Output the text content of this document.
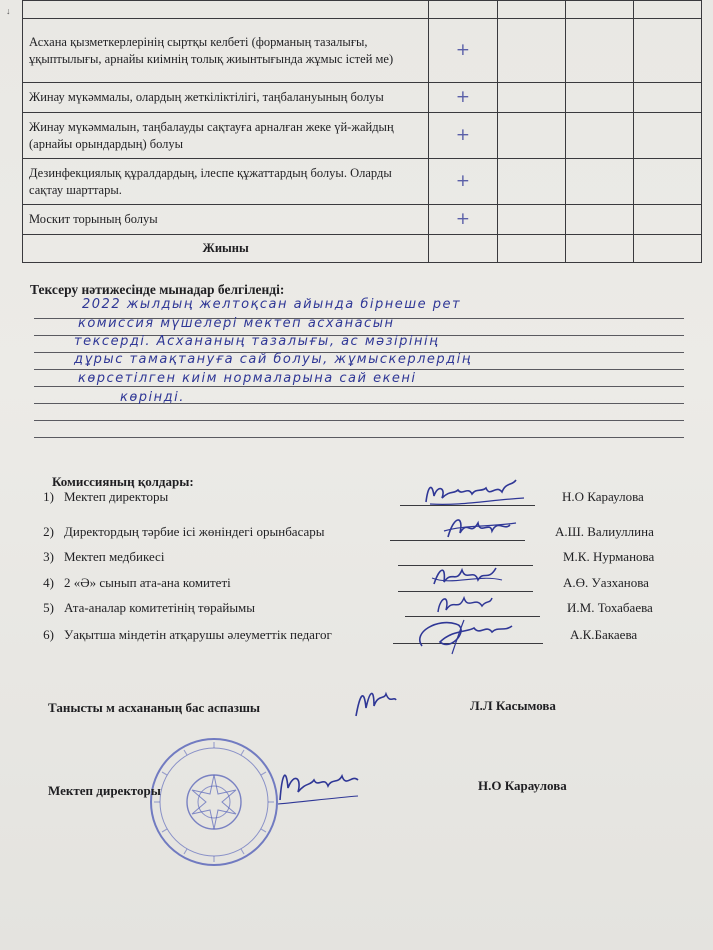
↓

Асхана қызметкерлерінің сыртқы келбеті (форманың тазалығы, ұқыптылығы, арнайы киімнің толық жиынтығында жұмыс істей ме)	+			
Жинау мүкәммалы, олардың жеткіліктілігі, таңбалануының болуы	+			
Жинау мүкәммалын, таңбалауды сақтауға арналған жеке үй-жайдың (арнайы орындардың) болуы	+			
Дезинфекциялық құралдардың, ілеспе құжаттардың болуы. Оларды сақтау шарттары.	+			
Москит торының болуы	+			
Жиыны				
Тексеру нәтижесінде мынадар белгіленді:
2022 жылдың желтоқсан айында бірнеше рет
комиссия мүшелері мектеп асханасын
тексерді. Асхананың тазалығы, ас мәзірінің
дұрыс тамақтануға сай болуы, жұмыскерлердің
көрсетілген киім нормаларына сай екені
көрінді.
Комиссияның қолдары:
1) Мектеп директоры	Н.О Караулова
2) Директордың тәрбие ісі жөніндегі орынбасары	А.Ш. Валиуллина
3) Мектеп медбикесі	М.К. Нурманова
4) 2 «Ә» сынып ата-ана комитеті	А.Ө. Уазханова
5) Ата-аналар комитетінің төрайымы	И.М. Тохабаева
6) Уақытша міндетін атқарушы әлеуметтік педагог	А.К.Бакаева
Танысты м асхананың бас аспазшы	Л.Л Касымова
Мектеп директоры	Н.О Караулова
